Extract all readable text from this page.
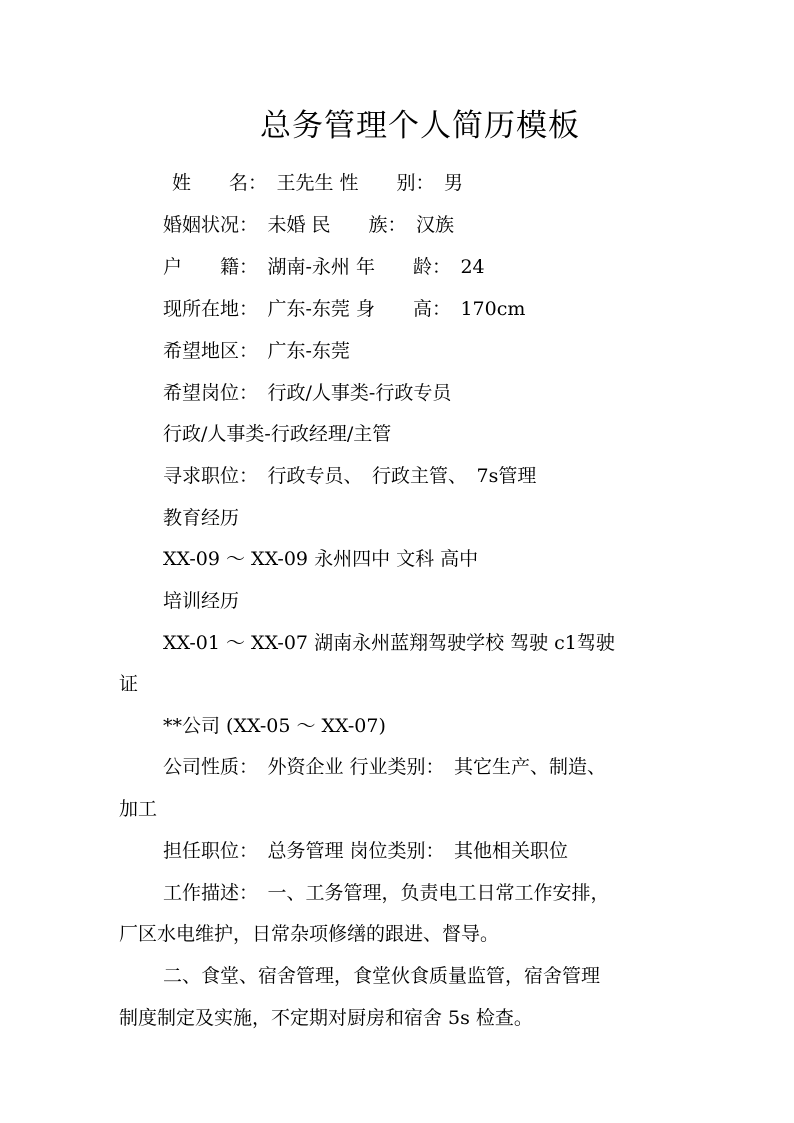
总务管理个人简历模板
姓　　名：　王先生 性　　别：　男
婚姻状况：　未婚 民　　族：　汉族
户　　籍：　湖南-永州 年　　龄：　24
现所在地：　广东-东莞 身　　高：　170cm
希望地区：　广东-东莞
希望岗位：　行政/人事类-行政专员
行政/人事类-行政经理/主管
寻求职位：　行政专员、　行政主管、　7s管理
教育经历
XX-09 ～ XX-09 永州四中 文科 高中
培训经历
XX-01 ～ XX-07 湖南永州蓝翔驾驶学校 驾驶 c1驾驶
证
**公司 (XX-05 ～ XX-07)
公司性质：　外资企业 行业类别：　其它生产、制造、
加工
担任职位：　总务管理 岗位类别：　其他相关职位
工作描述：　一、工务管理，负责电工日常工作安排，
厂区水电维护，日常杂项修缮的跟进、督导。
二、食堂、宿舍管理，食堂伙食质量监管，宿舍管理
制度制定及实施，不定期对厨房和宿舍 5s 检查。
